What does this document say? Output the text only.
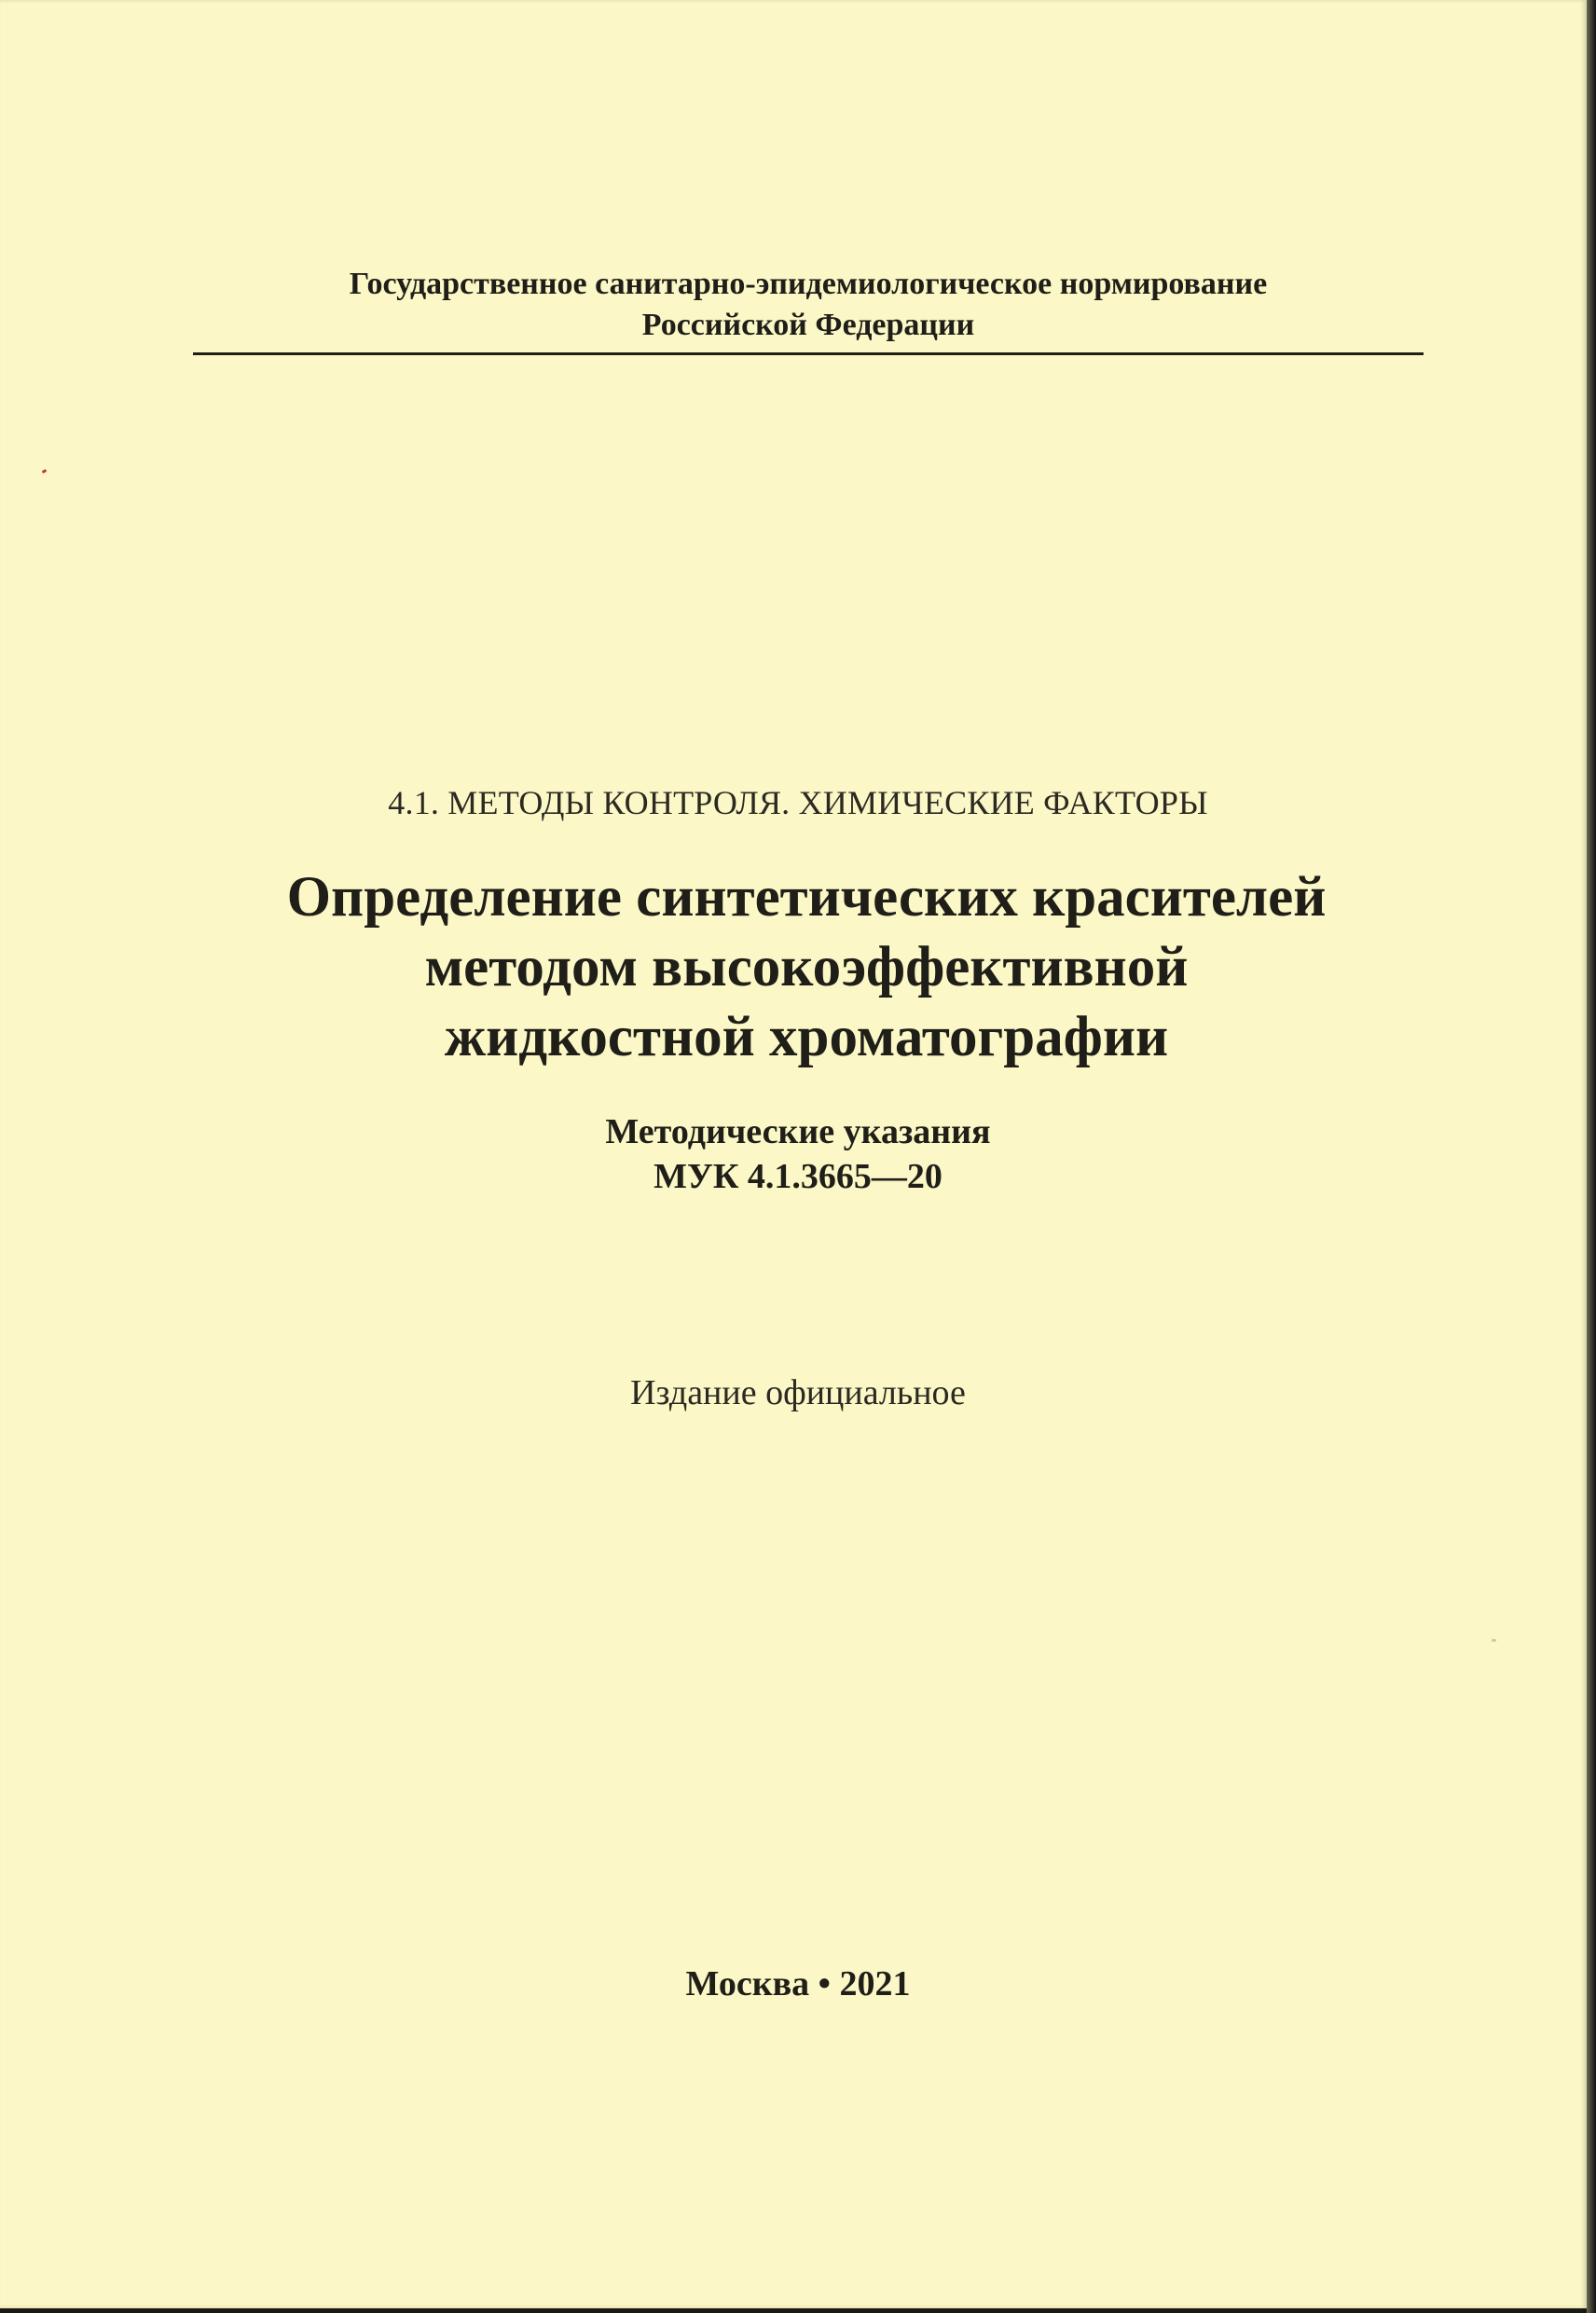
Государственное санитарно-эпидемиологическое нормирование
Российской Федерации
4.1. МЕТОДЫ КОНТРОЛЯ. ХИМИЧЕСКИЕ ФАКТОРЫ
Определение синтетических красителей
методом высокоэффективной
жидкостной хроматографии
Методические указания
МУК 4.1.3665—20
Издание официальное
Москва • 2021
